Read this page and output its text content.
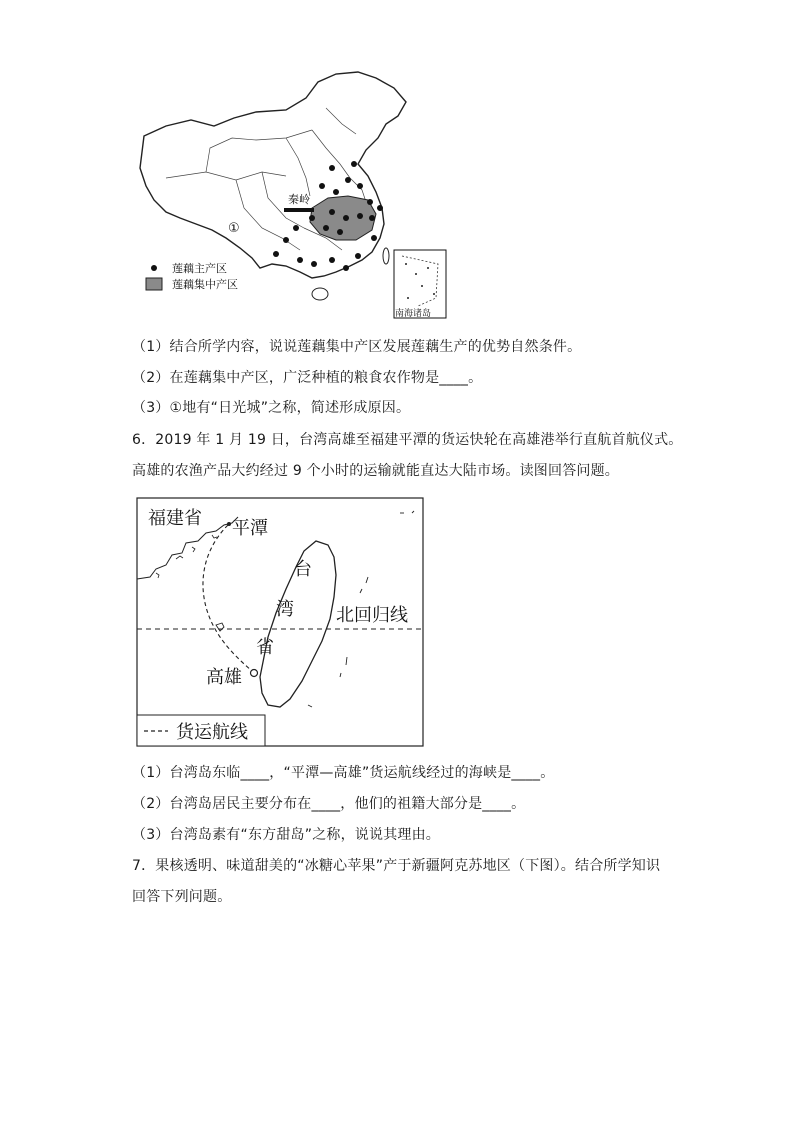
秦岭
①
南海诸岛
莲藕主产区
莲藕集中产区
（1）结合所学内容，说说莲藕集中产区发展莲藕生产的优势自然条件。
（2）在莲藕集中产区，广泛种植的粮食农作物是____。
（3）①地有“日光城”之称，简述形成原因。
6．2019 年 1 月 19 日，台湾高雄至福建平潭的货运快轮在高雄港举行直航首航仪式。
高雄的农渔产品大约经过 9 个小时的运输就能直达大陆市场。读图回答问题。
福建省 平潭
台
湾
省
北回归线
高雄
货运航线
（1）台湾岛东临____，“平潭—高雄”货运航线经过的海峡是____。
（2）台湾岛居民主要分布在____，他们的祖籍大部分是____。
（3）台湾岛素有“东方甜岛”之称，说说其理由。
7．果核透明、味道甜美的“冰糖心苹果”产于新疆阿克苏地区（下图）。结合所学知识
回答下列问题。
